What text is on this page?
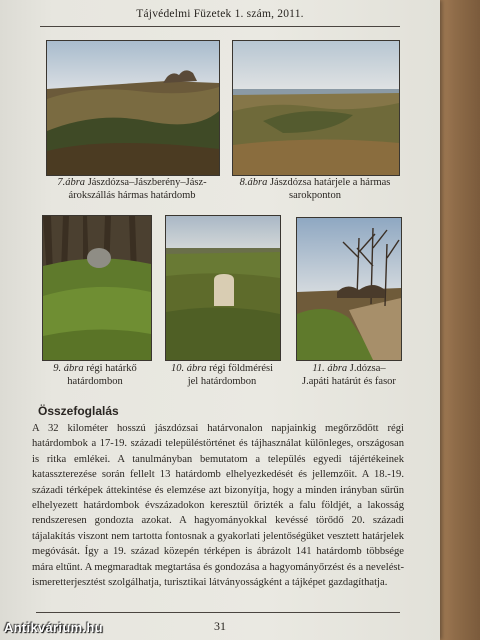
Tájvédelmi Füzetek 1. szám, 2011.
7.ábra Jászdózsa–Jászberény–Jász-
árokszállás hármas határdomb
8.ábra Jászdózsa határjele a hármas
sarokponton
9. ábra régi határkő
határdombon
10. ábra régi földmérési
jel határdombon
11. ábra J.dózsa–
J.apáti határút és fasor
Összefoglalás

A 32 kilométer hosszú jászdózsai határvonalon napjainkig megőrződött régi határdombok a 17-19. századi településtörténet és tájhasználat különleges, országosan is ritka emlékei. A tanulmányban bemutatom a település egyedi tájértékeinek katasszterezése során fellelt 13 határdomb elhelyezkedését és jellemzőit. A 18.-19. századi térképek áttekintése és elemzése azt bizonyítja, hogy a minden irányban sűrűn elhelyezett határdombok évszázadokon keresztül őrizték a falu földjét, a lakosság rendszeresen gondozta azokat. A hagyományokkal kevéssé törődő 20. századi tájalakítás viszont nem tartotta fontosnak a gyakorlati jelentőségüket vesztett határjelek megóvását. Így a 19. század közepén térképen is ábrázolt 141 határdomb többsége mára eltűnt. A megmaradtak megtartása és gondozása a hagyományőrzést és a nevelést-ismeretterjesztést szolgálhatja, turisztikai látványosságként a tájképet gazdagíthatja.

31
Antikvárium.hu
